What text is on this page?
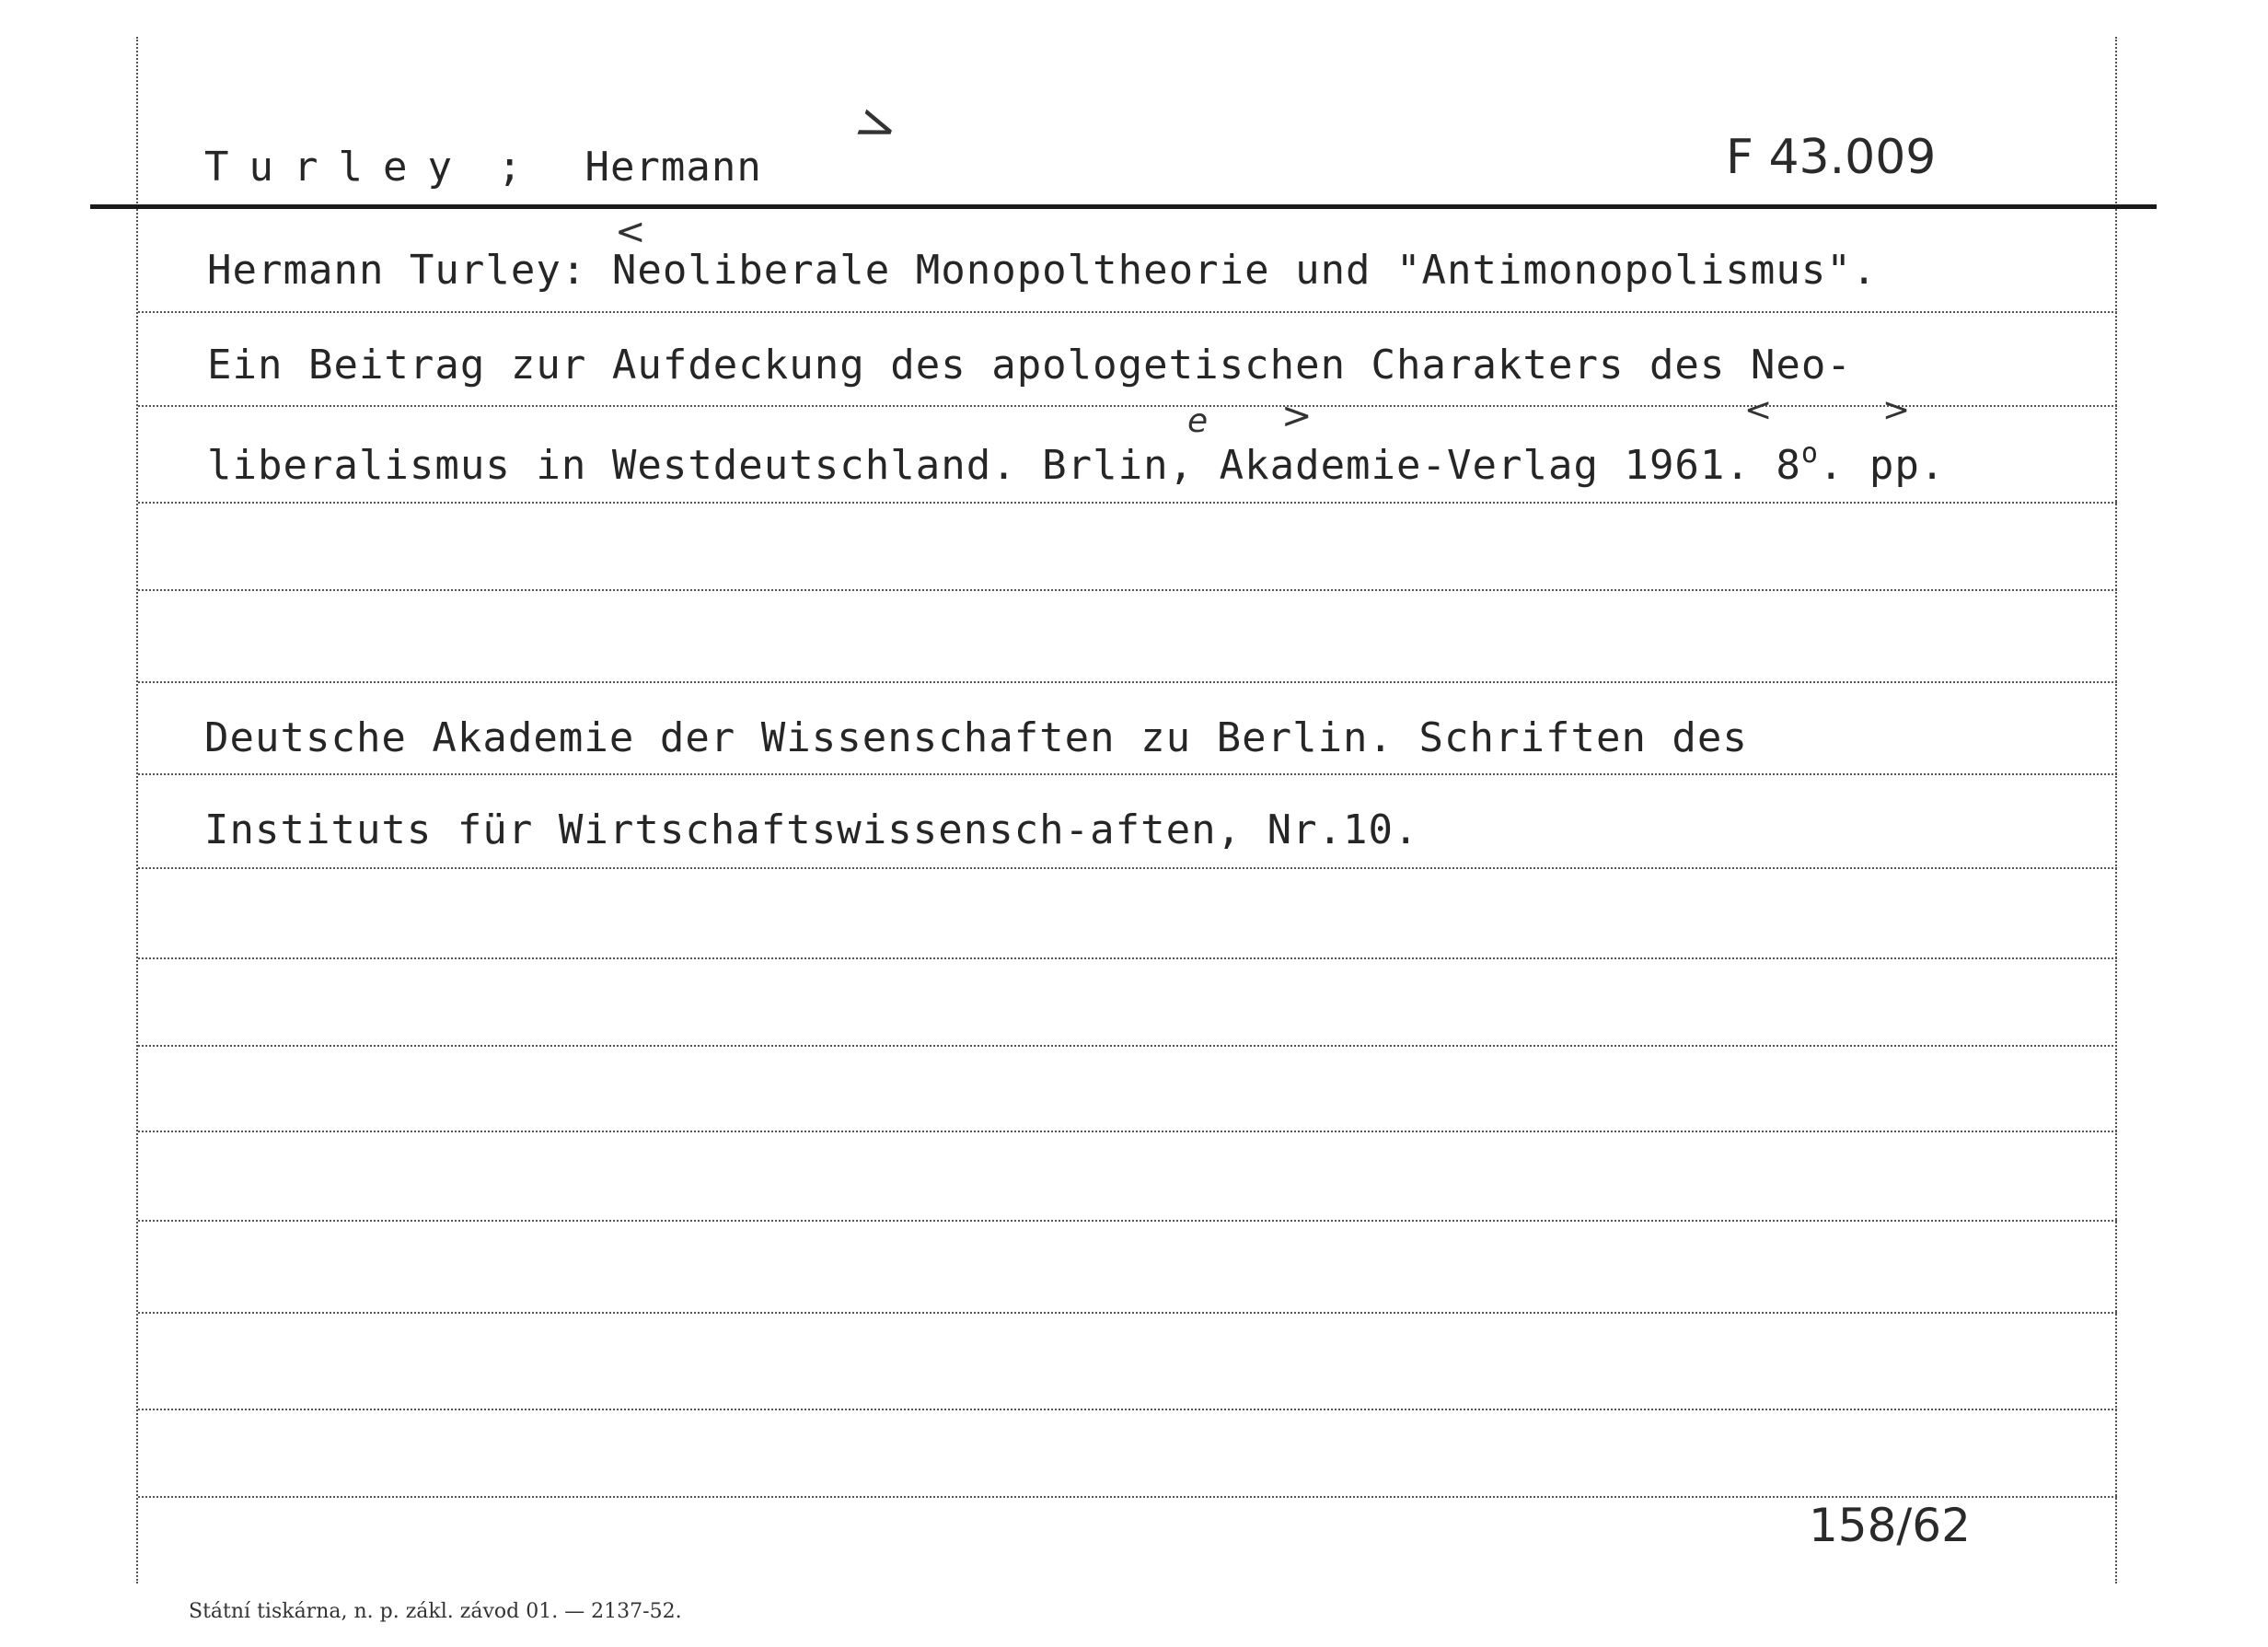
Turley ; Hermann	F 43.009
Hermann Turley: Neoliberale Monopoltheorie und "Antimonopolismus".
Ein Beitrag zur Aufdeckung des apologetischen Charakters des Neo-
liberalismus in Westdeutschland. Brlin, Akademie-Verlag 1961. 8$^o$. pp.
e
Deutsche Akademie der Wissenschaften zu Berlin. Schriften des
Instituts für Wirtschaftswissensch-aften, Nr.10.
158/62
Státní tiskárna, n. p. zákl. závod 01. — 2137-52.
>
<
>	<	>
